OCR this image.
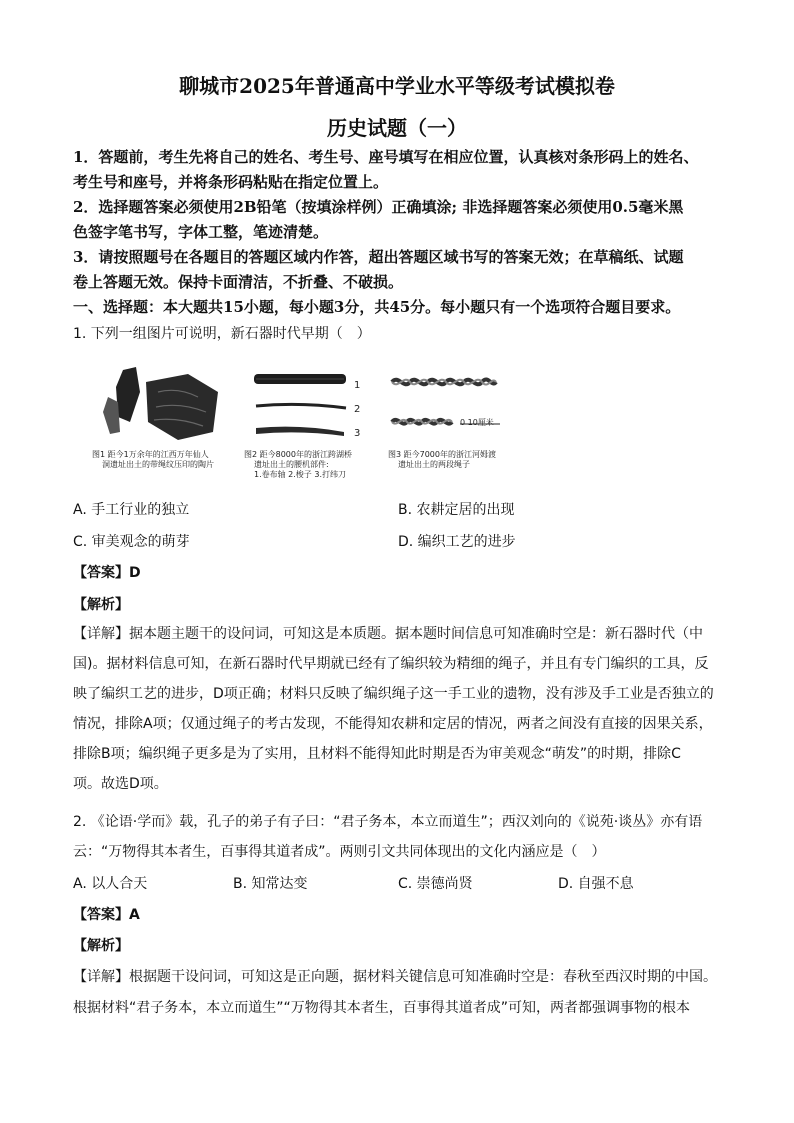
聊城市2025年普通高中学业水平等级考试模拟卷
历史试题（一）
1．答题前，考生先将自己的姓名、考生号、座号填写在相应位置，认真核对条形码上的姓名、
考生号和座号，并将条形码粘贴在指定位置上。
2．选择题答案必须使用2B铅笔（按填涂样例）正确填涂; 非选择题答案必须使用0.5毫米黑
色签字笔书写，字体工整，笔迹清楚。
3．请按照题号在各题目的答题区域内作答，超出答题区域书写的答案无效；在草稿纸、试题
卷上答题无效。保持卡面清洁，不折叠、不破损。
一、选择题：本大题共15小题，每小题3分，共45分。每小题只有一个选项符合题目要求。
1. 下列一组图片可说明，新石器时代早期（　）
图1 距今1万余年的江西万年仙人
洞遗址出土的带绳纹压印的陶片
1
2
3
图2 距今8000年的浙江跨湖桥
遗址出土的腰机部件:
1.卷布轴 2.梭子 3.打纬刀
0 10厘米
图3 距今7000年的浙江河姆渡
遗址出土的两段绳子
A. 手工行业的独立	B. 农耕定居的出现
C. 审美观念的萌芽	D. 编织工艺的进步
【答案】D
【解析】
【详解】据本题主题干的设问词，可知这是本质题。据本题时间信息可知准确时空是：新石器时代（中
国)。据材料信息可知，在新石器时代早期就已经有了编织较为精细的绳子，并且有专门编织的工具，反
映了编织工艺的进步，D项正确；材料只反映了编织绳子这一手工业的遗物，没有涉及手工业是否独立的
情况，排除A项；仅通过绳子的考古发现，不能得知农耕和定居的情况，两者之间没有直接的因果关系，
排除B项；编织绳子更多是为了实用，且材料不能得知此时期是否为审美观念“萌发”的时期，排除C
项。故选D项。
2. 《论语·学而》载，孔子的弟子有子曰：“君子务本，本立而道生”；西汉刘向的《说苑·谈丛》亦有语
云：“万物得其本者生，百事得其道者成”。两则引文共同体现出的文化内涵应是（　）
A. 以人合天	B. 知常达变	C. 崇德尚贤	D. 自强不息
【答案】A
【解析】
【详解】根据题干设问词，可知这是正向题，据材料关键信息可知准确时空是：春秋至西汉时期的中国。
根据材料“君子务本，本立而道生”“万物得其本者生，百事得其道者成”可知，两者都强调事物的根本
